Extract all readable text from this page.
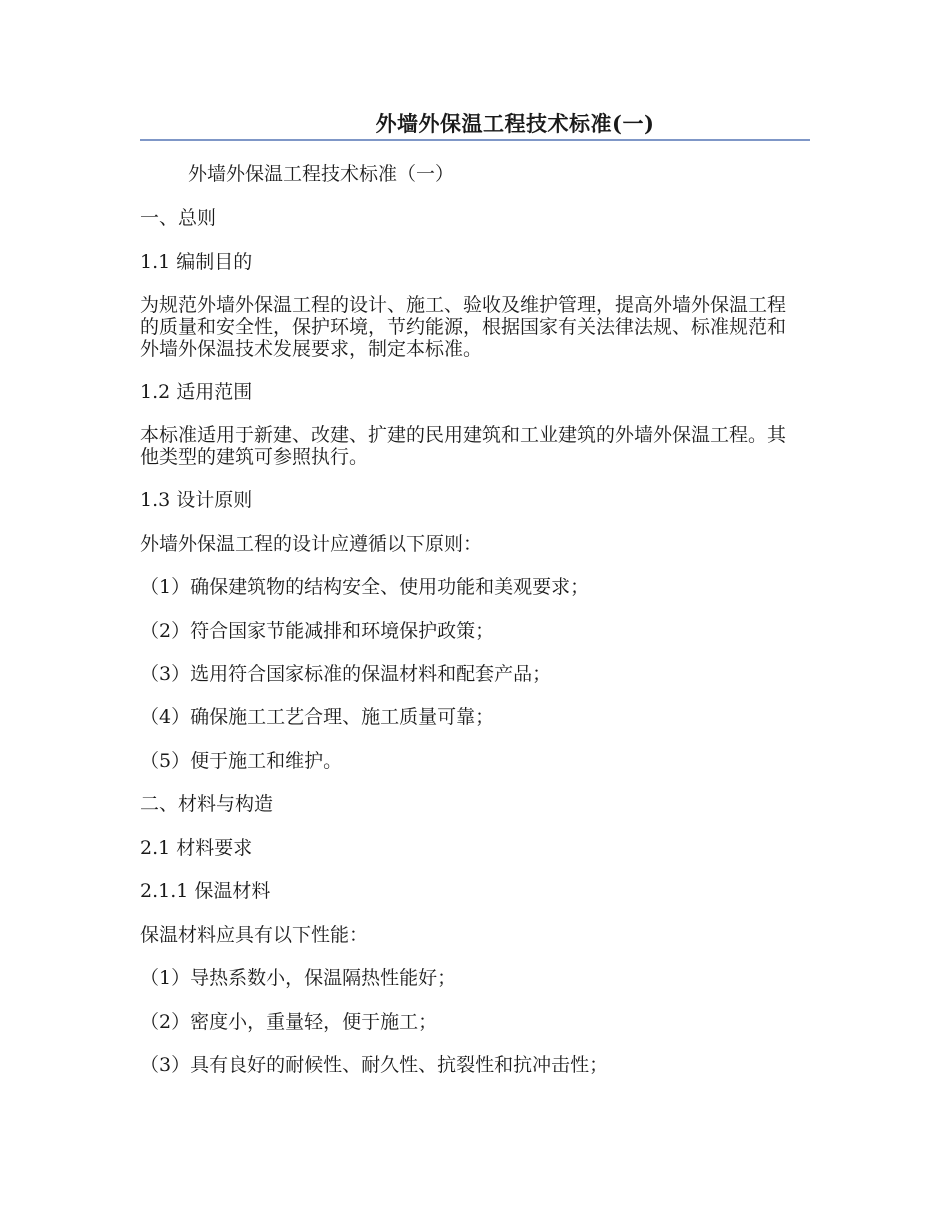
外墙外保温工程技术标准(一)
外墙外保温工程技术标准（一）
一、总则
1.1 编制目的
为规范外墙外保温工程的设计、施工、验收及维护管理，提高外墙外保温工程的质量和安全性，保护环境，节约能源，根据国家有关法律法规、标准规范和外墙外保温技术发展要求，制定本标准。
1.2 适用范围
本标准适用于新建、改建、扩建的民用建筑和工业建筑的外墙外保温工程。其他类型的建筑可参照执行。
1.3 设计原则
外墙外保温工程的设计应遵循以下原则：
（1）确保建筑物的结构安全、使用功能和美观要求；
（2）符合国家节能减排和环境保护政策；
（3）选用符合国家标准的保温材料和配套产品；
（4）确保施工工艺合理、施工质量可靠；
（5）便于施工和维护。
二、材料与构造
2.1 材料要求
2.1.1 保温材料
保温材料应具有以下性能：
（1）导热系数小，保温隔热性能好；
（2）密度小，重量轻，便于施工；
（3）具有良好的耐候性、耐久性、抗裂性和抗冲击性；
